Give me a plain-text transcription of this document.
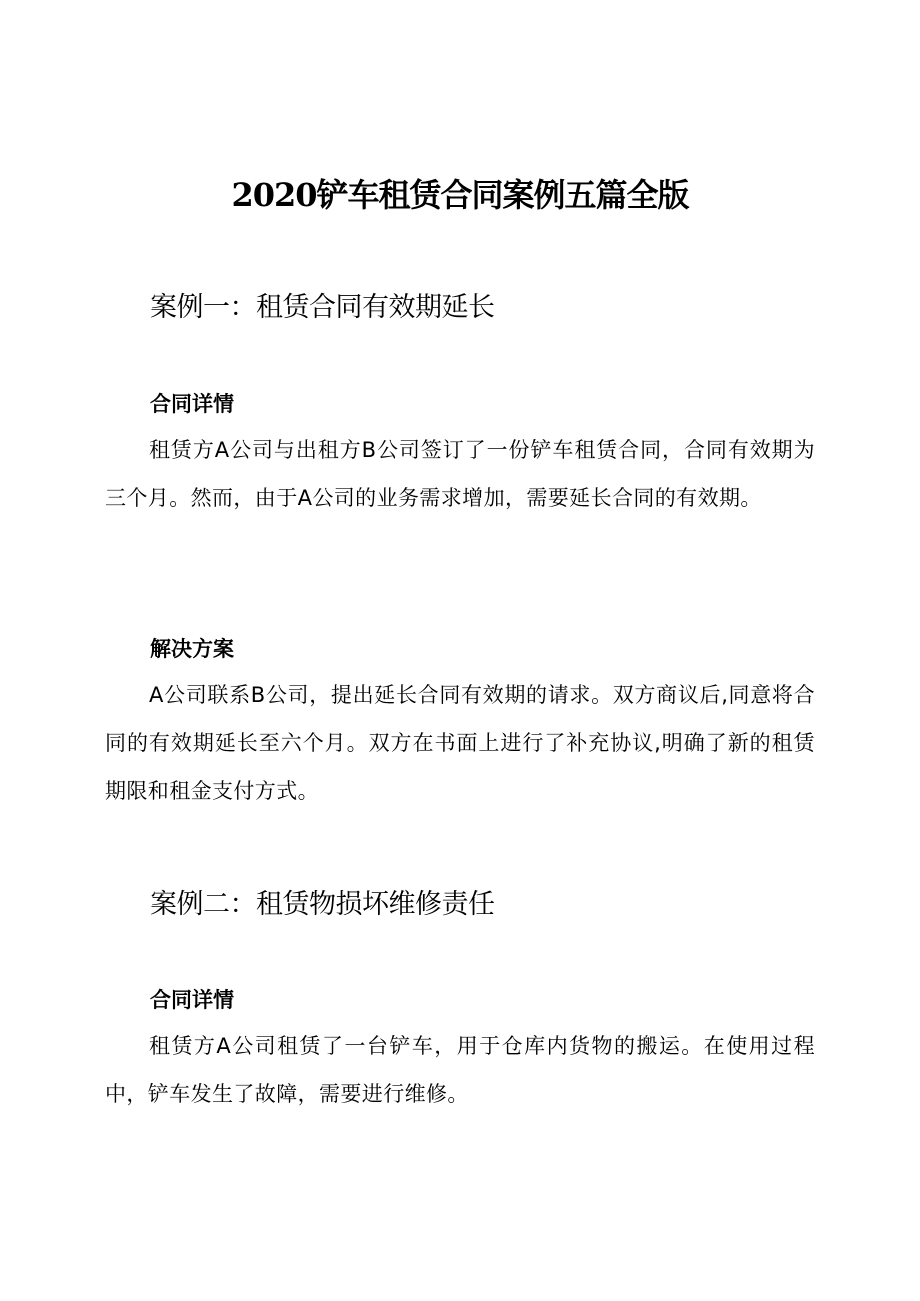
2020铲车租赁合同案例五篇全版
案例一：租赁合同有效期延长
合同详情

租赁方A公司与出租方B公司签订了一份铲车租赁合同，合同有效期为三个月。然而，由于A公司的业务需求增加，需要延长合同的有效期。

解决方案

A公司联系B公司，提出延长合同有效期的请求。双方商议后,同意将合同的有效期延长至六个月。双方在书面上进行了补充协议,明确了新的租赁期限和租金支付方式。

案例二：租赁物损坏维修责任
合同详情

租赁方A公司租赁了一台铲车，用于仓库内货物的搬运。在使用过程中，铲车发生了故障，需要进行维修。
